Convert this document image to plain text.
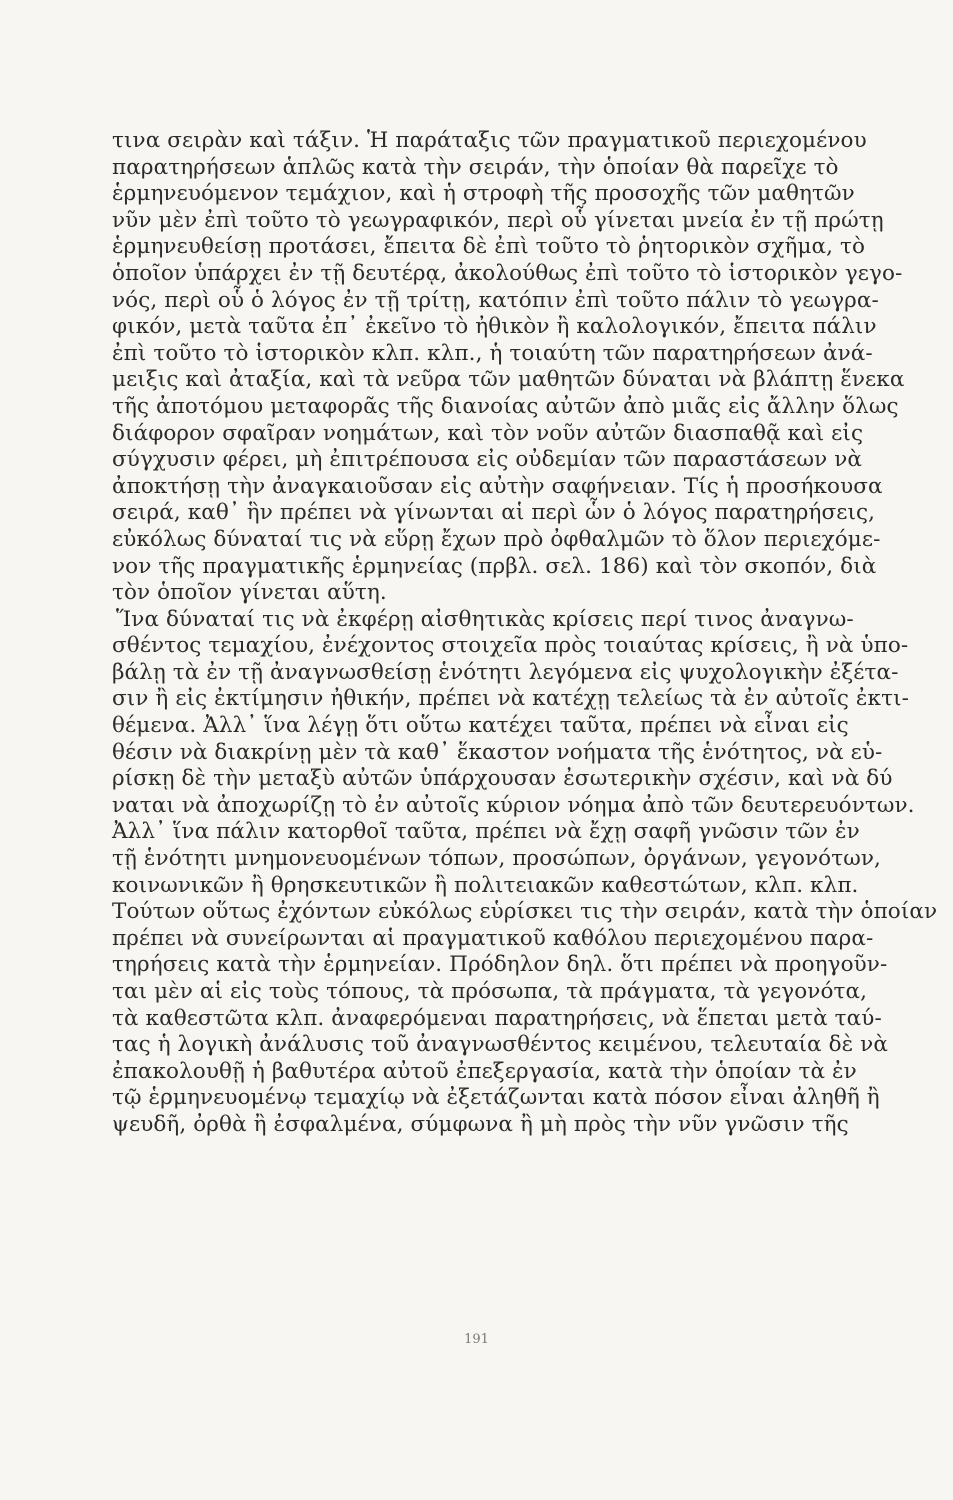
τινα σειρὰν καὶ τάξιν. Ἡ παράταξις τῶν πραγματικοῦ περιεχομένου
παρατηρήσεων ἁπλῶς κατὰ τὴν σειράν, τὴν ὁποίαν θὰ παρεῖχε τὸ
ἑρμηνευόμενον τεμάχιον, καὶ ἡ στροφὴ τῆς προσοχῆς τῶν μαθητῶν
νῦν μὲν ἐπὶ τοῦτο τὸ γεωγραφικόν, περὶ οὗ γίνεται μνεία ἐν τῇ πρώτῃ
ἑρμηνευθείσῃ προτάσει, ἔπειτα δὲ ἐπὶ τοῦτο τὸ ῥητορικὸν σχῆμα, τὸ
ὁποῖον ὑπάρχει ἐν τῇ δευτέρᾳ, ἀκολούθως ἐπὶ τοῦτο τὸ ἱστορικὸν γεγο-
νός, περὶ οὗ ὁ λόγος ἐν τῇ τρίτῃ, κατόπιν ἐπὶ τοῦτο πάλιν τὸ γεωγρα-
φικόν, μετὰ ταῦτα ἐπ᾽ ἐκεῖνο τὸ ἠθικὸν ἢ καλολογικόν, ἔπειτα πάλιν
ἐπὶ τοῦτο τὸ ἱστορικὸν κλπ. κλπ., ἡ τοιαύτη τῶν παρατηρήσεων ἀνά-
μειξις καὶ ἀταξία, καὶ τὰ νεῦρα τῶν μαθητῶν δύναται νὰ βλάπτῃ ἕνεκα
τῆς ἀποτόμου μεταφορᾶς τῆς διανοίας αὐτῶν ἀπὸ μιᾶς εἰς ἄλλην ὅλως
διάφορον σφαῖραν νοημάτων, καὶ τὸν νοῦν αὐτῶν διασπαθᾷ καὶ εἰς
σύγχυσιν φέρει, μὴ ἐπιτρέπουσα εἰς οὐδεμίαν τῶν παραστάσεων νὰ
ἀποκτήσῃ τὴν ἀναγκαιοῦσαν εἰς αὐτὴν σαφήνειαν. Τίς ἡ προσήκουσα
σειρά, καθ᾽ ἣν πρέπει νὰ γίνωνται αἱ περὶ ὧν ὁ λόγος παρατηρήσεις,
εὐκόλως δύναταί τις νὰ εὕρῃ ἔχων πρὸ ὀφθαλμῶν τὸ ὅλον περιεχόμε-
νον τῆς πραγματικῆς ἑρμηνείας (πρβλ. σελ. 186) καὶ τὸν σκοπόν, διὰ
τὸν ὁποῖον γίνεται αὕτη.
Ἵνα δύναταί τις νὰ ἐκφέρῃ αἰσθητικὰς κρίσεις περί τινος ἀναγνω-
σθέντος τεμαχίου, ἐνέχοντος στοιχεῖα πρὸς τοιαύτας κρίσεις, ἢ νὰ ὑπο-
βάλῃ τὰ ἐν τῇ ἀναγνωσθείσῃ ἑνότητι λεγόμενα εἰς ψυχολογικὴν ἐξέτα-
σιν ἢ εἰς ἐκτίμησιν ἠθικήν, πρέπει νὰ κατέχῃ τελείως τὰ ἐν αὐτοῖς ἐκτι-
θέμενα. Ἀλλ᾽ ἵνα λέγῃ ὅτι οὕτω κατέχει ταῦτα, πρέπει νὰ εἶναι εἰς
θέσιν νὰ διακρίνῃ μὲν τὰ καθ᾽ ἕκαστον νοήματα τῆς ἑνότητος, νὰ εὑ-
ρίσκῃ δὲ τὴν μεταξὺ αὐτῶν ὑπάρχουσαν ἐσωτερικὴν σχέσιν, καὶ νὰ δύ
ναται νὰ ἀποχωρίζῃ τὸ ἐν αὐτοῖς κύριον νόημα ἀπὸ τῶν δευτερευόντων.
Ἀλλ᾽ ἵνα πάλιν κατορθοῖ ταῦτα, πρέπει νὰ ἔχῃ σαφῆ γνῶσιν τῶν ἐν
τῇ ἑνότητι μνημονευομένων τόπων, προσώπων, ὀργάνων, γεγονότων,
κοινωνικῶν ἢ θρησκευτικῶν ἢ πολιτειακῶν καθεστώτων, κλπ. κλπ.
Τούτων οὕτως ἐχόντων εὐκόλως εὑρίσκει τις τὴν σειράν, κατὰ τὴν ὁποίαν
πρέπει νὰ συνείρωνται αἱ πραγματικοῦ καθόλου περιεχομένου παρα-
τηρήσεις κατὰ τὴν ἑρμηνείαν. Πρόδηλον δηλ. ὅτι πρέπει νὰ προηγοῦν-
ται μὲν αἱ εἰς τοὺς τόπους, τὰ πρόσωπα, τὰ πράγματα, τὰ γεγονότα,
τὰ καθεστῶτα κλπ. ἀναφερόμεναι παρατηρήσεις, νὰ ἕπεται μετὰ ταύ-
τας ἡ λογικὴ ἀνάλυσις τοῦ ἀναγνωσθέντος κειμένου, τελευταία δὲ νὰ
ἐπακολουθῇ ἡ βαθυτέρα αὐτοῦ ἐπεξεργασία, κατὰ τὴν ὁποίαν τὰ ἐν
τῷ ἑρμηνευομένῳ τεμαχίῳ νὰ ἐξετάζωνται κατὰ πόσον εἶναι ἀληθῆ ἢ
ψευδῆ, ὀρθὰ ἢ ἐσφαλμένα, σύμφωνα ἢ μὴ πρὸς τὴν νῦν γνῶσιν τῆς
191
